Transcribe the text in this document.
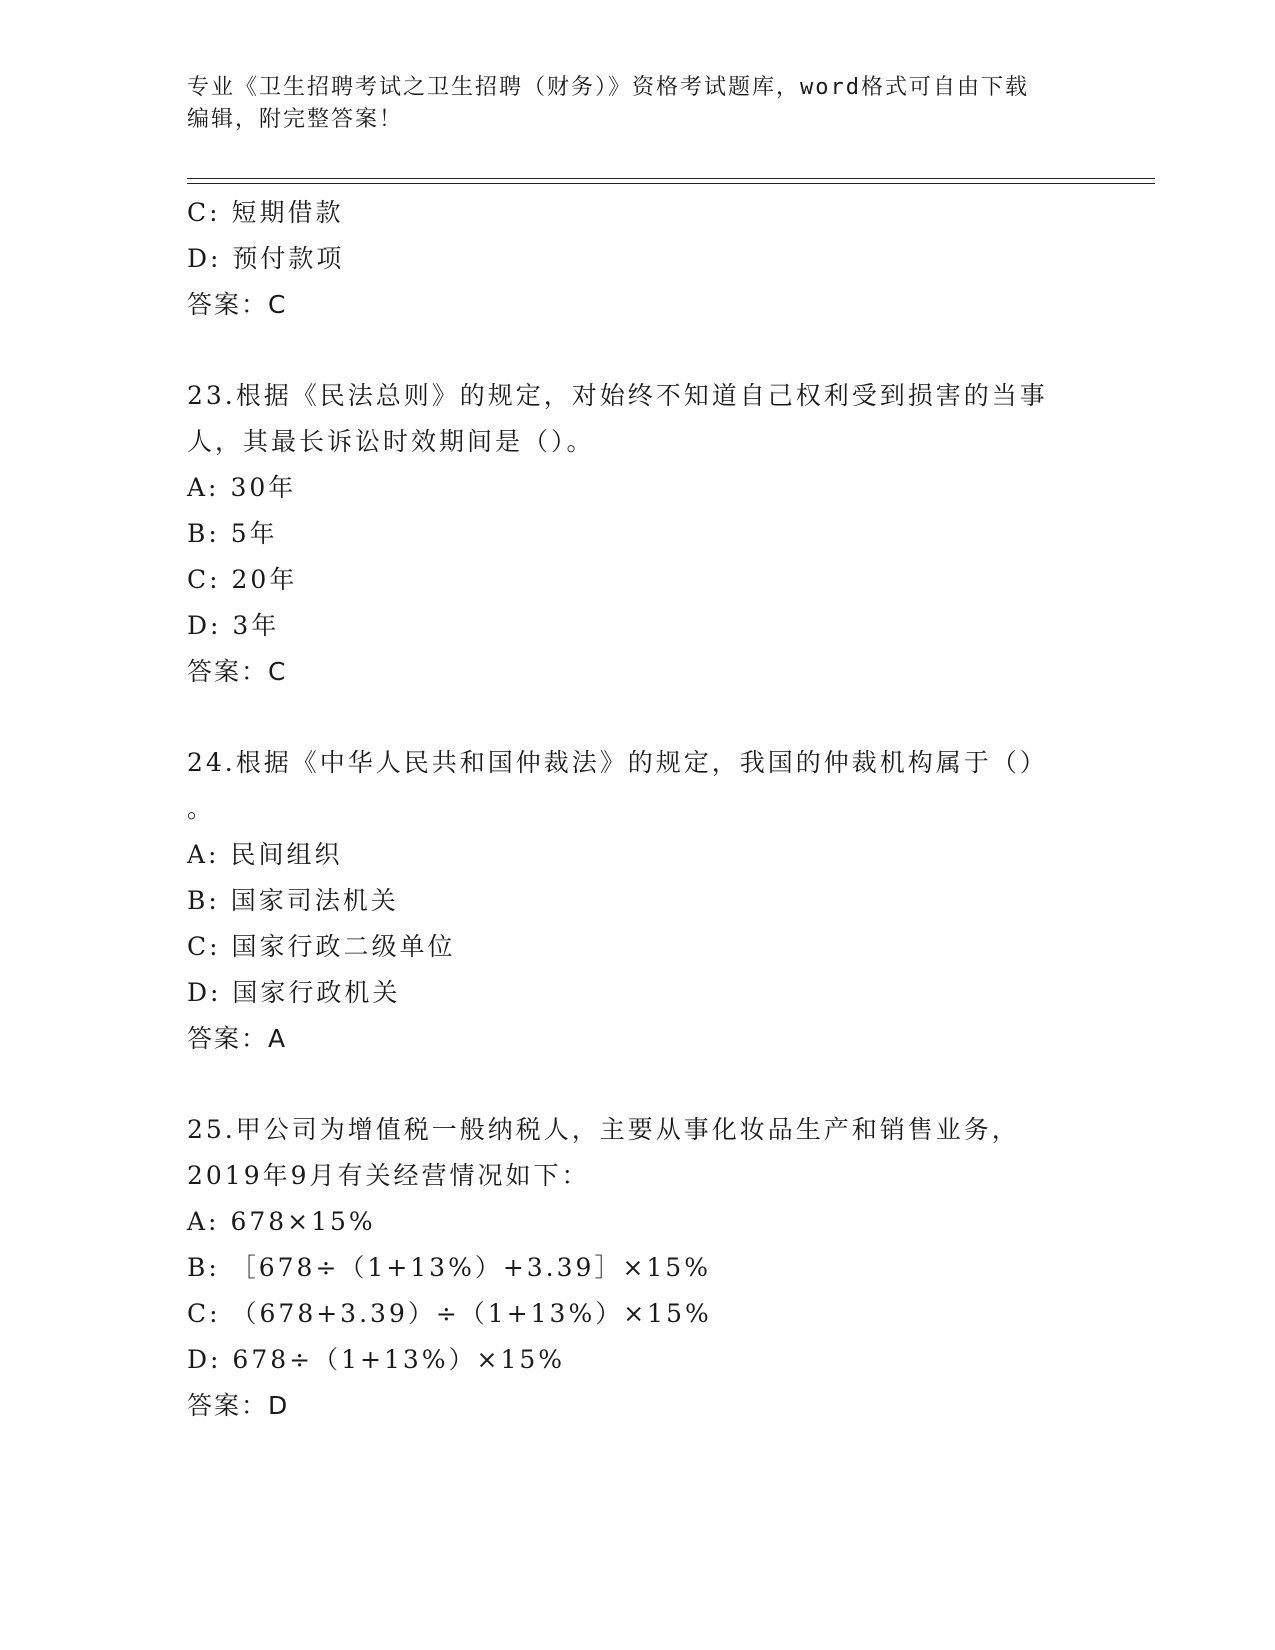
专业《卫生招聘考试之卫生招聘（财务）》资格考试题库，word格式可自由下载
编辑，附完整答案！
C: 短期借款
D: 预付款项
答案：C
23.根据《民法总则》的规定，对始终不知道自己权利受到损害的当事
人，其最长诉讼时效期间是（）。
A: 30年
B: 5年
C: 20年
D: 3年
答案：C
24.根据《中华人民共和国仲裁法》的规定，我国的仲裁机构属于（）
。
A: 民间组织
B: 国家司法机关
C: 国家行政二级单位
D: 国家行政机关
答案：A
25.甲公司为增值税一般纳税人，主要从事化妆品生产和销售业务，
2019年9月有关经营情况如下：
A: 678×15%
B: ［678÷（1+13%）+3.39］×15%
C: （678+3.39）÷（1+13%）×15%
D: 678÷（1+13%）×15%
答案：D
